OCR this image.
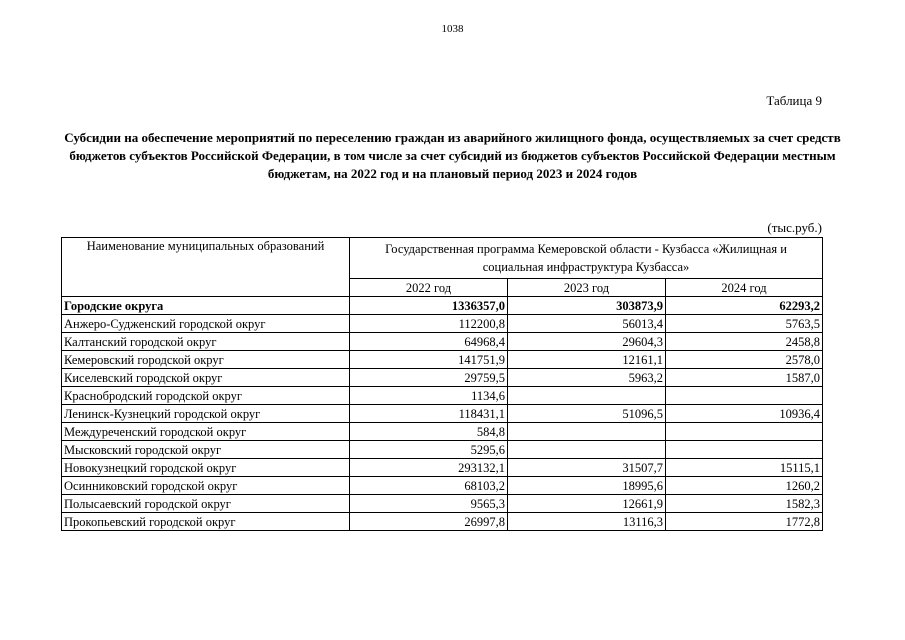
1038
Таблица 9
Субсидии на обеспечение мероприятий по переселению граждан из аварийного жилищного фонда, осуществляемых за счет средств бюджетов субъектов Российской Федерации, в том числе за счет субсидий из бюджетов субъектов Российской Федерации местным бюджетам, на 2022 год и на плановый период 2023 и 2024 годов
(тыс.руб.)
Наименование муниципальных образований	Государственная программа Кемеровской области - Кузбасса «Жилищная и социальная инфраструктура Кузбасса»		
	2022 год	2023 год	2024 год
Городские округа	1336357,0	303873,9	62293,2
Анжеро-Судженский городской округ	112200,8	56013,4	5763,5
Калтанский городской округ	64968,4	29604,3	2458,8
Кемеровский городской округ	141751,9	12161,1	2578,0
Киселевский городской округ	29759,5	5963,2	1587,0
Краснобродский городской округ	1134,6		
Ленинск-Кузнецкий городской округ	118431,1	51096,5	10936,4
Междуреченский городской округ	584,8		
Мысковский городской округ	5295,6		
Новокузнецкий городской округ	293132,1	31507,7	15115,1
Осинниковский городской округ	68103,2	18995,6	1260,2
Полысаевский городской округ	9565,3	12661,9	1582,3
Прокопьевский городской округ	26997,8	13116,3	1772,8
